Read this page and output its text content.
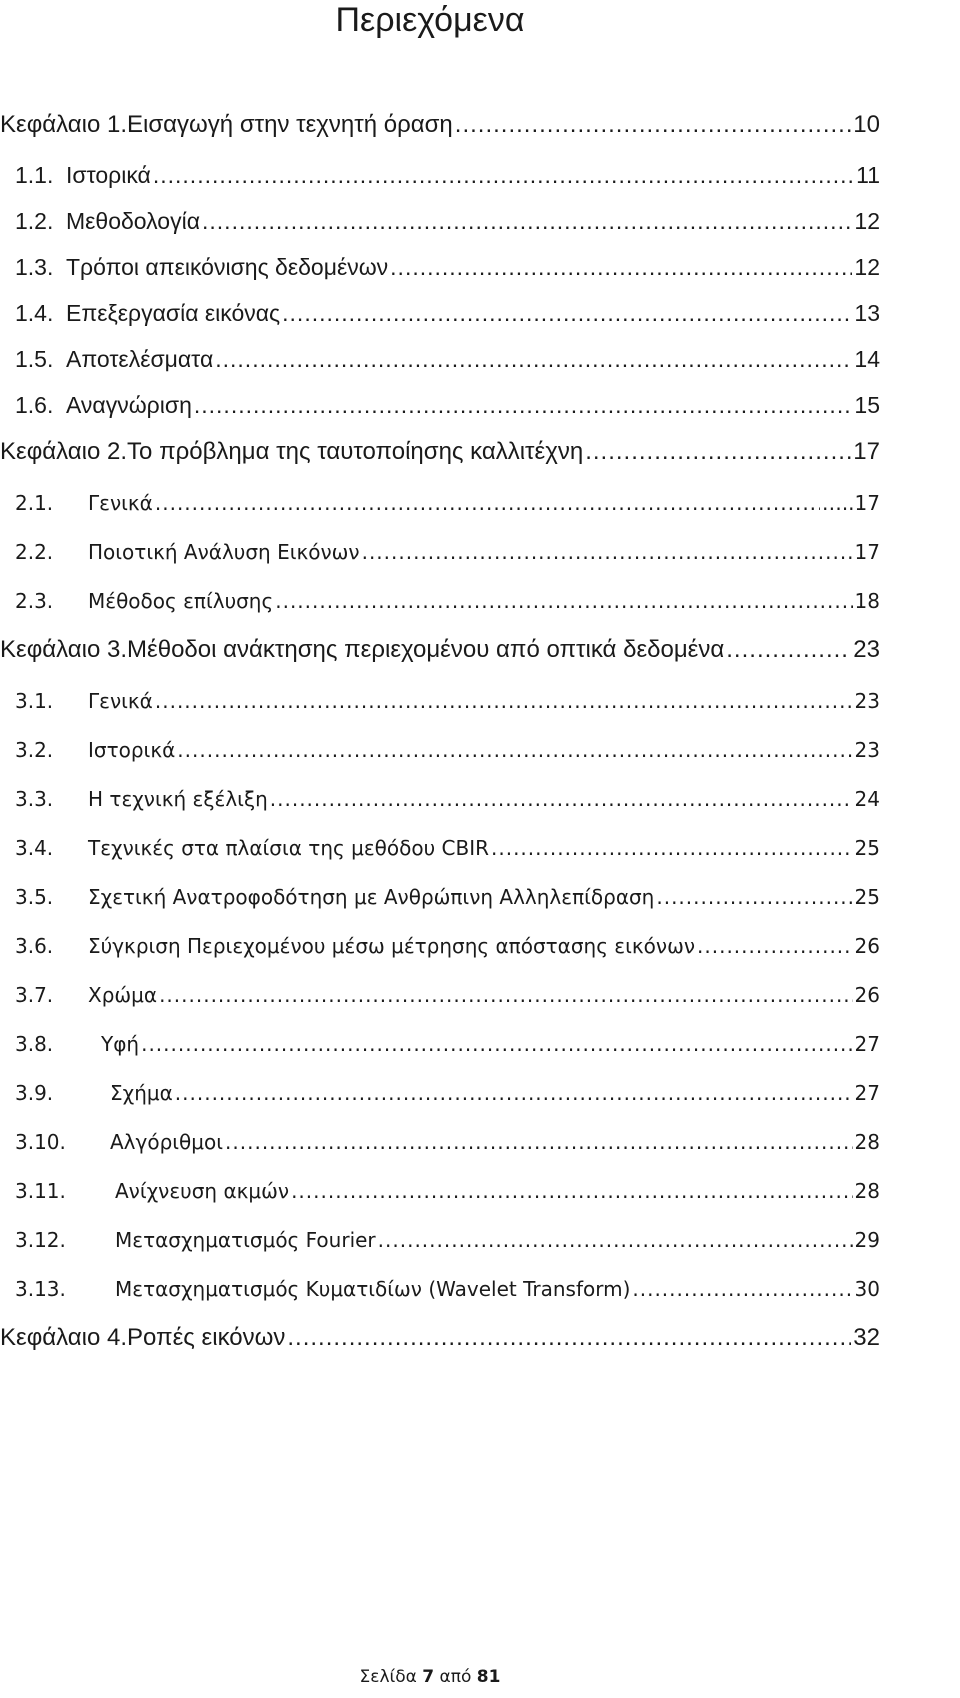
Περιεχόμενα
Κεφάλαιο 1. Εισαγωγή στην τεχνητή όραση .....	10
1.1. Ιστορικά .....	11
1.2. Μεθοδολογία .....	12
1.3. Τρόποι απεικόνισης δεδομένων .....	12
1.4. Επεξεργασία εικόνας .....	13
1.5. Αποτελέσματα .....	14
1.6. Αναγνώριση .....	15
Κεφάλαιο 2. Το πρόβλημα της ταυτοποίησης καλλιτέχνη .....	17
2.1.	Γενικά .....	…..17
2.2.	Ποιοτική Ανάλυση Εικόνων .....	17
2.3.	Μέθοδος επίλυσης .....	18
Κεφάλαιο 3. Μέθοδοι ανάκτησης περιεχομένου από οπτικά δεδομένα .....	23
3.1.	Γενικά .....	23
3.2.	Ιστορικά .....	23
3.3.	Η τεχνική εξέλιξη .....	24
3.4.	Τεχνικές στα πλαίσια της μεθόδου CBIR .....	25
3.5.	Σχετική Ανατροφοδότηση με Ανθρώπινη Αλληλεπίδραση .....	25
3.6.	Σύγκριση Περιεχομένου μέσω μέτρησης απόστασης εικόνων .....	26
3.7.	Χρώμα .....	26
3.8.	Υφή .....	27
3.9.	Σχήμα .....	27
3.10.	Αλγόριθμοι .....	28
3.11.	Ανίχνευση ακμών .....	28
3.12.	Μετασχηματισμός Fourier .....	29
3.13.	Μετασχηματισμός Κυματιδίων (Wavelet Transform) .....	30
Κεφάλαιο 4. Ροπές εικόνων .....	32
Σελίδα 7 από 81
